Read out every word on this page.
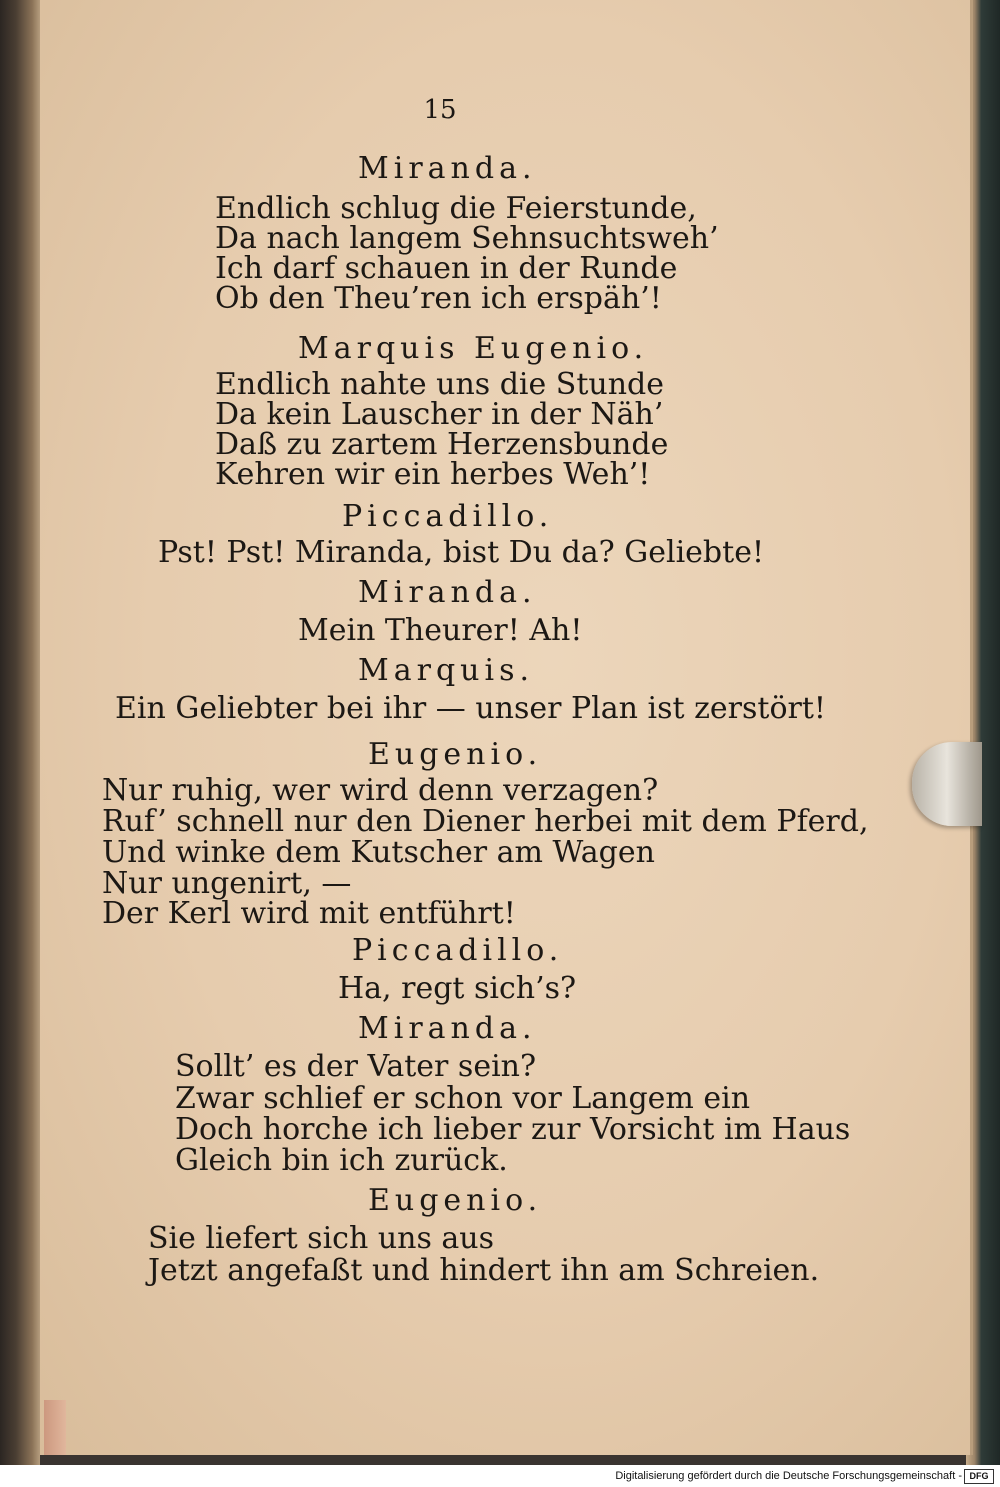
15
Miranda.
Endlich schlug die Feierstunde,
Da nach langem Sehnsuchtsweh’
Ich darf schauen in der Runde
Ob den Theu’ren ich erspäh’!
Marquis Eugenio.
Endlich nahte uns die Stunde
Da kein Lauscher in der Näh’
Daß zu zartem Herzensbunde
Kehren wir ein herbes Weh’!
Piccadillo.
Pst! Pst! Miranda, bist Du da? Geliebte!
Miranda.
Mein Theurer! Ah!
Marquis.
Ein Geliebter bei ihr — unser Plan ist zerstört!
Eugenio.
Nur ruhig, wer wird denn verzagen?
Ruf’ schnell nur den Diener herbei mit dem Pferd,
Und winke dem Kutscher am Wagen
Nur ungenirt, —
Der Kerl wird mit entführt!
Piccadillo.
Ha, regt sich’s?
Miranda.
Sollt’ es der Vater sein?
Zwar schlief er schon vor Langem ein
Doch horche ich lieber zur Vorsicht im Haus
Gleich bin ich zurück.
Eugenio.
Sie liefert sich uns aus
Jetzt angefaßt und hindert ihn am Schreien.
Digitalisierung gefördert durch die Deutsche Forschungsgemeinschaft - DFG
